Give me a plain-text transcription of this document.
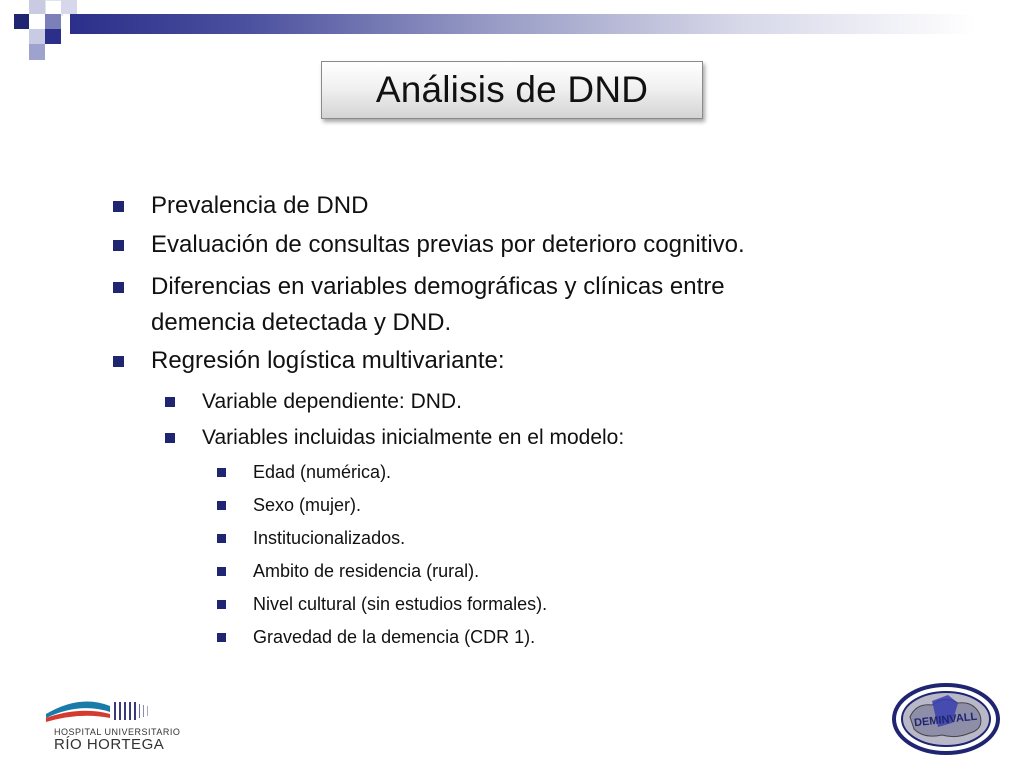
Análisis de DND
Prevalencia de DND
Evaluación de consultas previas por deterioro cognitivo.
Diferencias en variables demográficas y clínicas entre
demencia detectada y DND.
Regresión logística multivariante:
Variable dependiente: DND.
Variables incluidas inicialmente en el modelo:
Edad (numérica).
Sexo (mujer).
Institucionalizados.
Ambito de residencia (rural).
Nivel cultural (sin estudios formales).
Gravedad de la demencia (CDR 1).
HOSPITAL UNIVERSITARIO
RÍO HORTEGA
DEMINVALL
